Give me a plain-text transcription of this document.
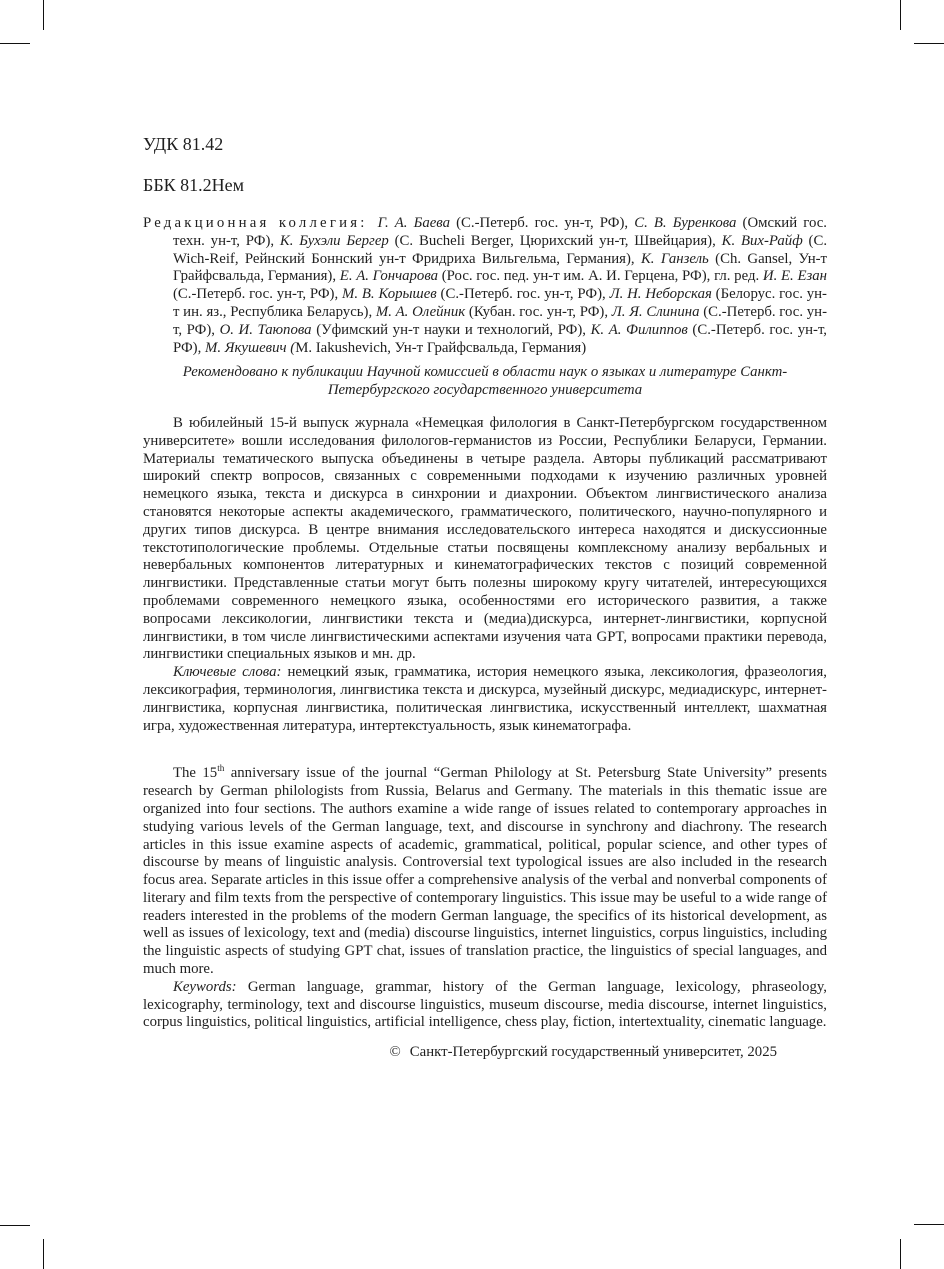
УДК 81.42

ББК 81.2Нем

Редакционная коллегия: Г. А. Баева (С.-Петерб. гос. ун-т, РФ), С. В. Буренкова (Омский гос. техн. ун-т, РФ), К. Бухэли Бергер (C. Bucheli Berger, Цюрихский ун-т, Швейцария), К. Вих-Райф (C. Wich-Reif, Рейнский Боннский ун-т Фридриха Вильгельма, Германия), К. Ганзель (Ch. Gansel, Ун-т Грайфсвальда, Германия), Е. А. Гончарова (Рос. гос. пед. ун-т им. А. И. Герцена, РФ), гл. ред. И. Е. Езан (С.-Петерб. гос. ун-т, РФ), М. В. Корышев (С.-Петерб. гос. ун-т, РФ), Л. Н. Неборская (Белорус. гос. ун-т ин. яз., Республика Беларусь), М. А. Олейник (Кубан. гос. ун-т, РФ), Л. Я. Слинина (С.-Петерб. гос. ун-т, РФ), О. И. Таюпова (Уфимский ун-т науки и технологий, РФ), К. А. Филиппов (С.-Петерб. гос. ун-т, РФ), М. Якушевич (M. Iakushevich, Ун-т Грайфсвальда, Германия)

Рекомендовано к публикации Научной комиссией в области наук о языках и литературе Санкт-Петербургского государственного университета

В юбилейный 15-й выпуск журнала «Немецкая филология в Санкт-Петербургском государственном университете» вошли исследования филологов-германистов из России, Республики Беларуси, Германии. Материалы тематического выпуска объединены в четыре раздела. Авторы публикаций рассматривают широкий спектр вопросов, связанных с современными подходами к изучению различных уровней немецкого языка, текста и дискурса в синхронии и диахронии. Объектом лингвистического анализа становятся некоторые аспекты академического, грамматического, политического, научно-популярного и других типов дискурса. В центре внимания исследовательского интереса находятся и дискуссионные текстотипологические проблемы. Отдельные статьи посвящены комплексному анализу вербальных и невербальных компонентов литературных и кинематографических текстов с позиций современной лингвистики. Представленные статьи могут быть полезны широкому кругу читателей, интересующихся проблемами современного немецкого языка, особенностями его исторического развития, а также вопросами лексикологии, лингвистики текста и (медиа)дискурса, интернет-лингвистики, корпусной лингвистики, в том числе лингвистическими аспектами изучения чата GPT, вопросами практики перевода, лингвистики специальных языков и мн. др.

Ключевые слова: немецкий язык, грамматика, история немецкого языка, лексикология, фразеология, лексикография, терминология, лингвистика текста и дискурса, музейный дискурс, медиадискурс, интернет-лингвистика, корпусная лингвистика, политическая лингвистика, искусственный интеллект, шахматная игра, художественная литература, интертекстуальность, язык кинематографа.

The 15th anniversary issue of the journal “German Philology at St. Petersburg State University” presents research by German philologists from Russia, Belarus and Germany. The materials in this thematic issue are organized into four sections. The authors examine a wide range of issues related to contemporary approaches in studying various levels of the German language, text, and discourse in synchrony and diachrony. The research articles in this issue examine aspects of academic, grammatical, political, popular science, and other types of discourse by means of linguistic analysis. Controversial text typological issues are also included in the research focus area. Separate articles in this issue offer a comprehensive analysis of the verbal and nonverbal components of literary and film texts from the perspective of contemporary linguistics. This issue may be useful to a wide range of readers interested in the problems of the modern German language, the specifics of its historical development, as well as issues of lexicology, text and (media) discourse linguistics, internet linguistics, corpus linguistics, including the linguistic aspects of studying GPT chat, issues of translation practice, the linguistics of special languages, and much more.

Keywords: German language, grammar, history of the German language, lexicology, phraseology, lexicography, terminology, text and discourse linguistics, museum discourse, media discourse, internet linguistics, corpus linguistics, political linguistics, artificial intelligence, chess play, fiction, intertextuality, cinematic language.

© Санкт-Петербургский государственный университет, 2025
